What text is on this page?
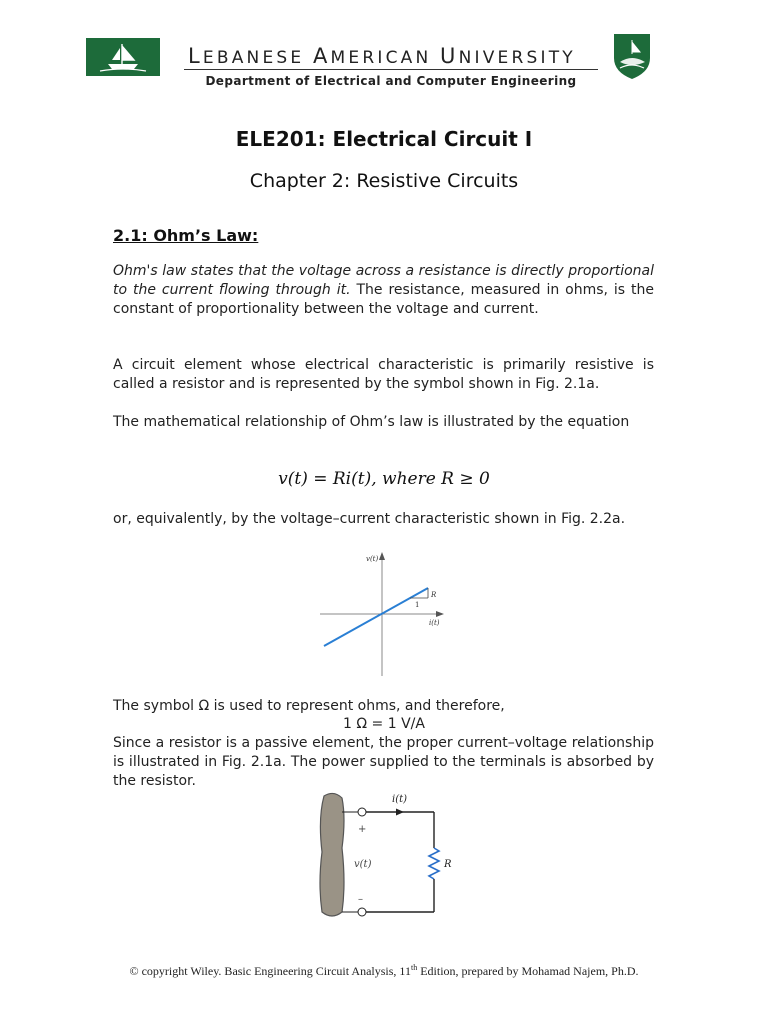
LEBANESE AMERICAN UNIVERSITY
Department of Electrical and Computer Engineering
ELE201: Electrical Circuit I
Chapter 2: Resistive Circuits
2.1: Ohm’s Law:

Ohm's law states that the voltage across a resistance is directly proportional to the current flowing through it. The resistance, measured in ohms, is the constant of proportionality between the voltage and current.

A circuit element whose electrical characteristic is primarily resistive is called a resistor and is represented by the symbol shown in Fig. 2.1a.

The mathematical relationship of Ohm’s law is illustrated by the equation

v(t) = Ri(t), where R ≥ 0

or, equivalently, by the voltage–current characteristic shown in Fig. 2.2a.

v(t)
i(t)
R
1

The symbol Ω is used to represent ohms, and therefore,

1 Ω = 1 V/A

Since a resistor is a passive element, the proper current–voltage relationship is illustrated in Fig. 2.1a. The power supplied to the terminals is absorbed by the resistor.

i(t)
+
v(t)
–
R
© copyright Wiley. Basic Engineering Circuit Analysis, 11th Edition, prepared by Mohamad Najem, Ph.D.
